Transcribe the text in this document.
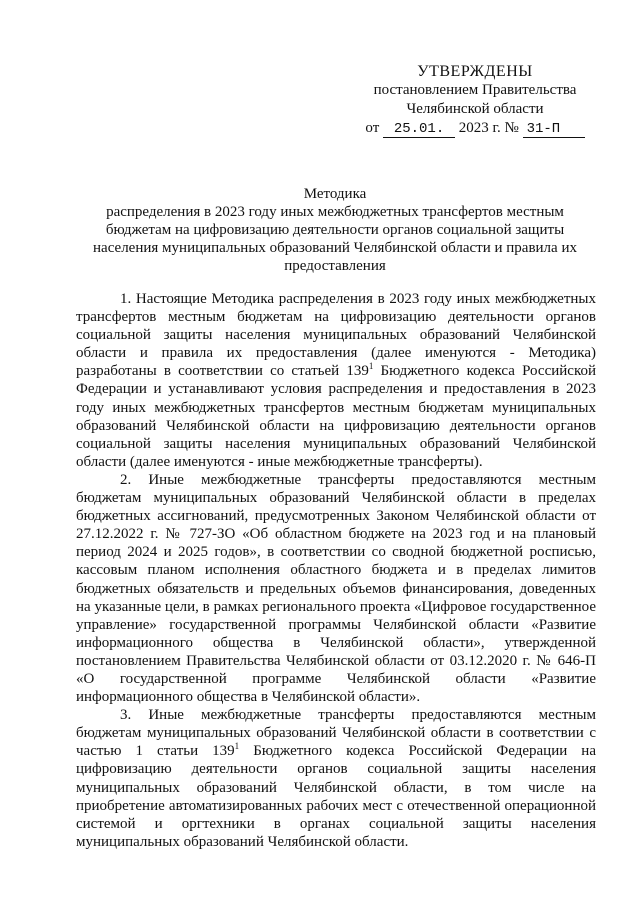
УТВЕРЖДЕНЫ
постановлением Правительства
Челябинской области
от 25.01. 2023 г. № 31-П
Методика
распределения в 2023 году иных межбюджетных трансфертов местным
бюджетам на цифровизацию деятельности органов социальной защиты
населения муниципальных образований Челябинской области и правила их
предоставления

1. Настоящие Методика распределения в 2023 году иных межбюджетных трансфертов местным бюджетам на цифровизацию деятельности органов социальной защиты населения муниципальных образований Челябинской области и правила их предоставления (далее именуются - Методика) разработаны в соответствии со статьей $139^1$ Бюджетного кодекса Российской Федерации и устанавливают условия распределения и предоставления в 2023 году иных межбюджетных трансфертов местным бюджетам муниципальных образований Челябинской области на цифровизацию деятельности органов социальной защиты населения муниципальных образований Челябинской области (далее именуются - иные межбюджетные трансферты).

2. Иные межбюджетные трансферты предоставляются местным бюджетам муниципальных образований Челябинской области в пределах бюджетных ассигнований, предусмотренных Законом Челябинской области от 27.12.2022 г. № 727-ЗО «Об областном бюджете на 2023 год и на плановый период 2024 и 2025 годов», в соответствии со сводной бюджетной росписью, кассовым планом исполнения областного бюджета и в пределах лимитов бюджетных обязательств и предельных объемов финансирования, доведенных на указанные цели, в рамках регионального проекта «Цифровое государственное управление» государственной программы Челябинской области «Развитие информационного общества в Челябинской области», утвержденной постановлением Правительства Челябинской области от 03.12.2020 г. № 646-П «О государственной программе Челябинской области «Развитие информационного общества в Челябинской области».

3. Иные межбюджетные трансферты предоставляются местным бюджетам муниципальных образований Челябинской области в соответствии с частью 1 статьи $139^1$ Бюджетного кодекса Российской Федерации на цифровизацию деятельности органов социальной защиты населения муниципальных образований Челябинской области, в том числе на приобретение автоматизированных рабочих мест с отечественной операционной системой и оргтехники в органах социальной защиты населения муниципальных образований Челябинской области.
